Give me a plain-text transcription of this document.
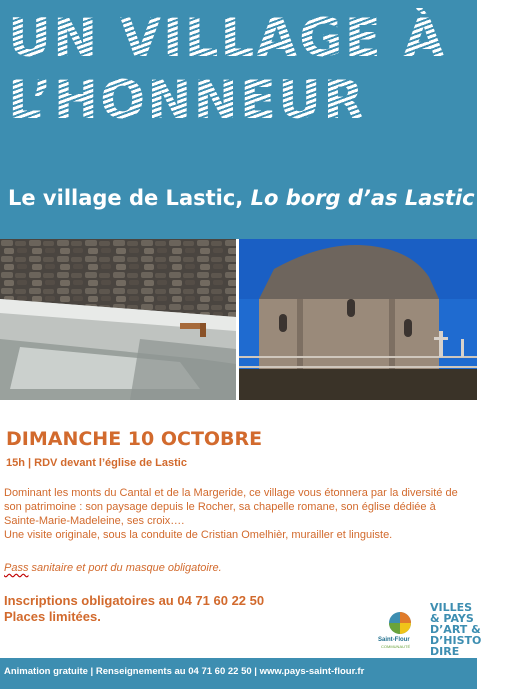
UN VILLAGE À
L’HONNEUR
Le village de Lastic, Lo borg d’as Lastic
DIMANCHE 10 OCTOBRE
15h | RDV devant l’église de Lastic

Dominant les monts du Cantal et de la Margeride, ce village vous étonnera par la diversité de son patrimoine : son paysage depuis le Rocher, sa chapelle romane, son église dédiée à Sainte-Marie-Madeleine, ses croix….

Une visite originale, sous la conduite de Cristian Omelhièr, murailler et linguiste.

Pass sanitaire et port du masque obligatoire.
Inscriptions obligatoires au 04 71 60 22 50
Places limitées.
Saint-Flour
COMMUNAUTÉ
VILLES
& PAYS
D’ART &
D’HISTO
DIRE
Animation gratuite | Renseignements au 04 71 60 22 50 | www.pays-saint-flour.fr
